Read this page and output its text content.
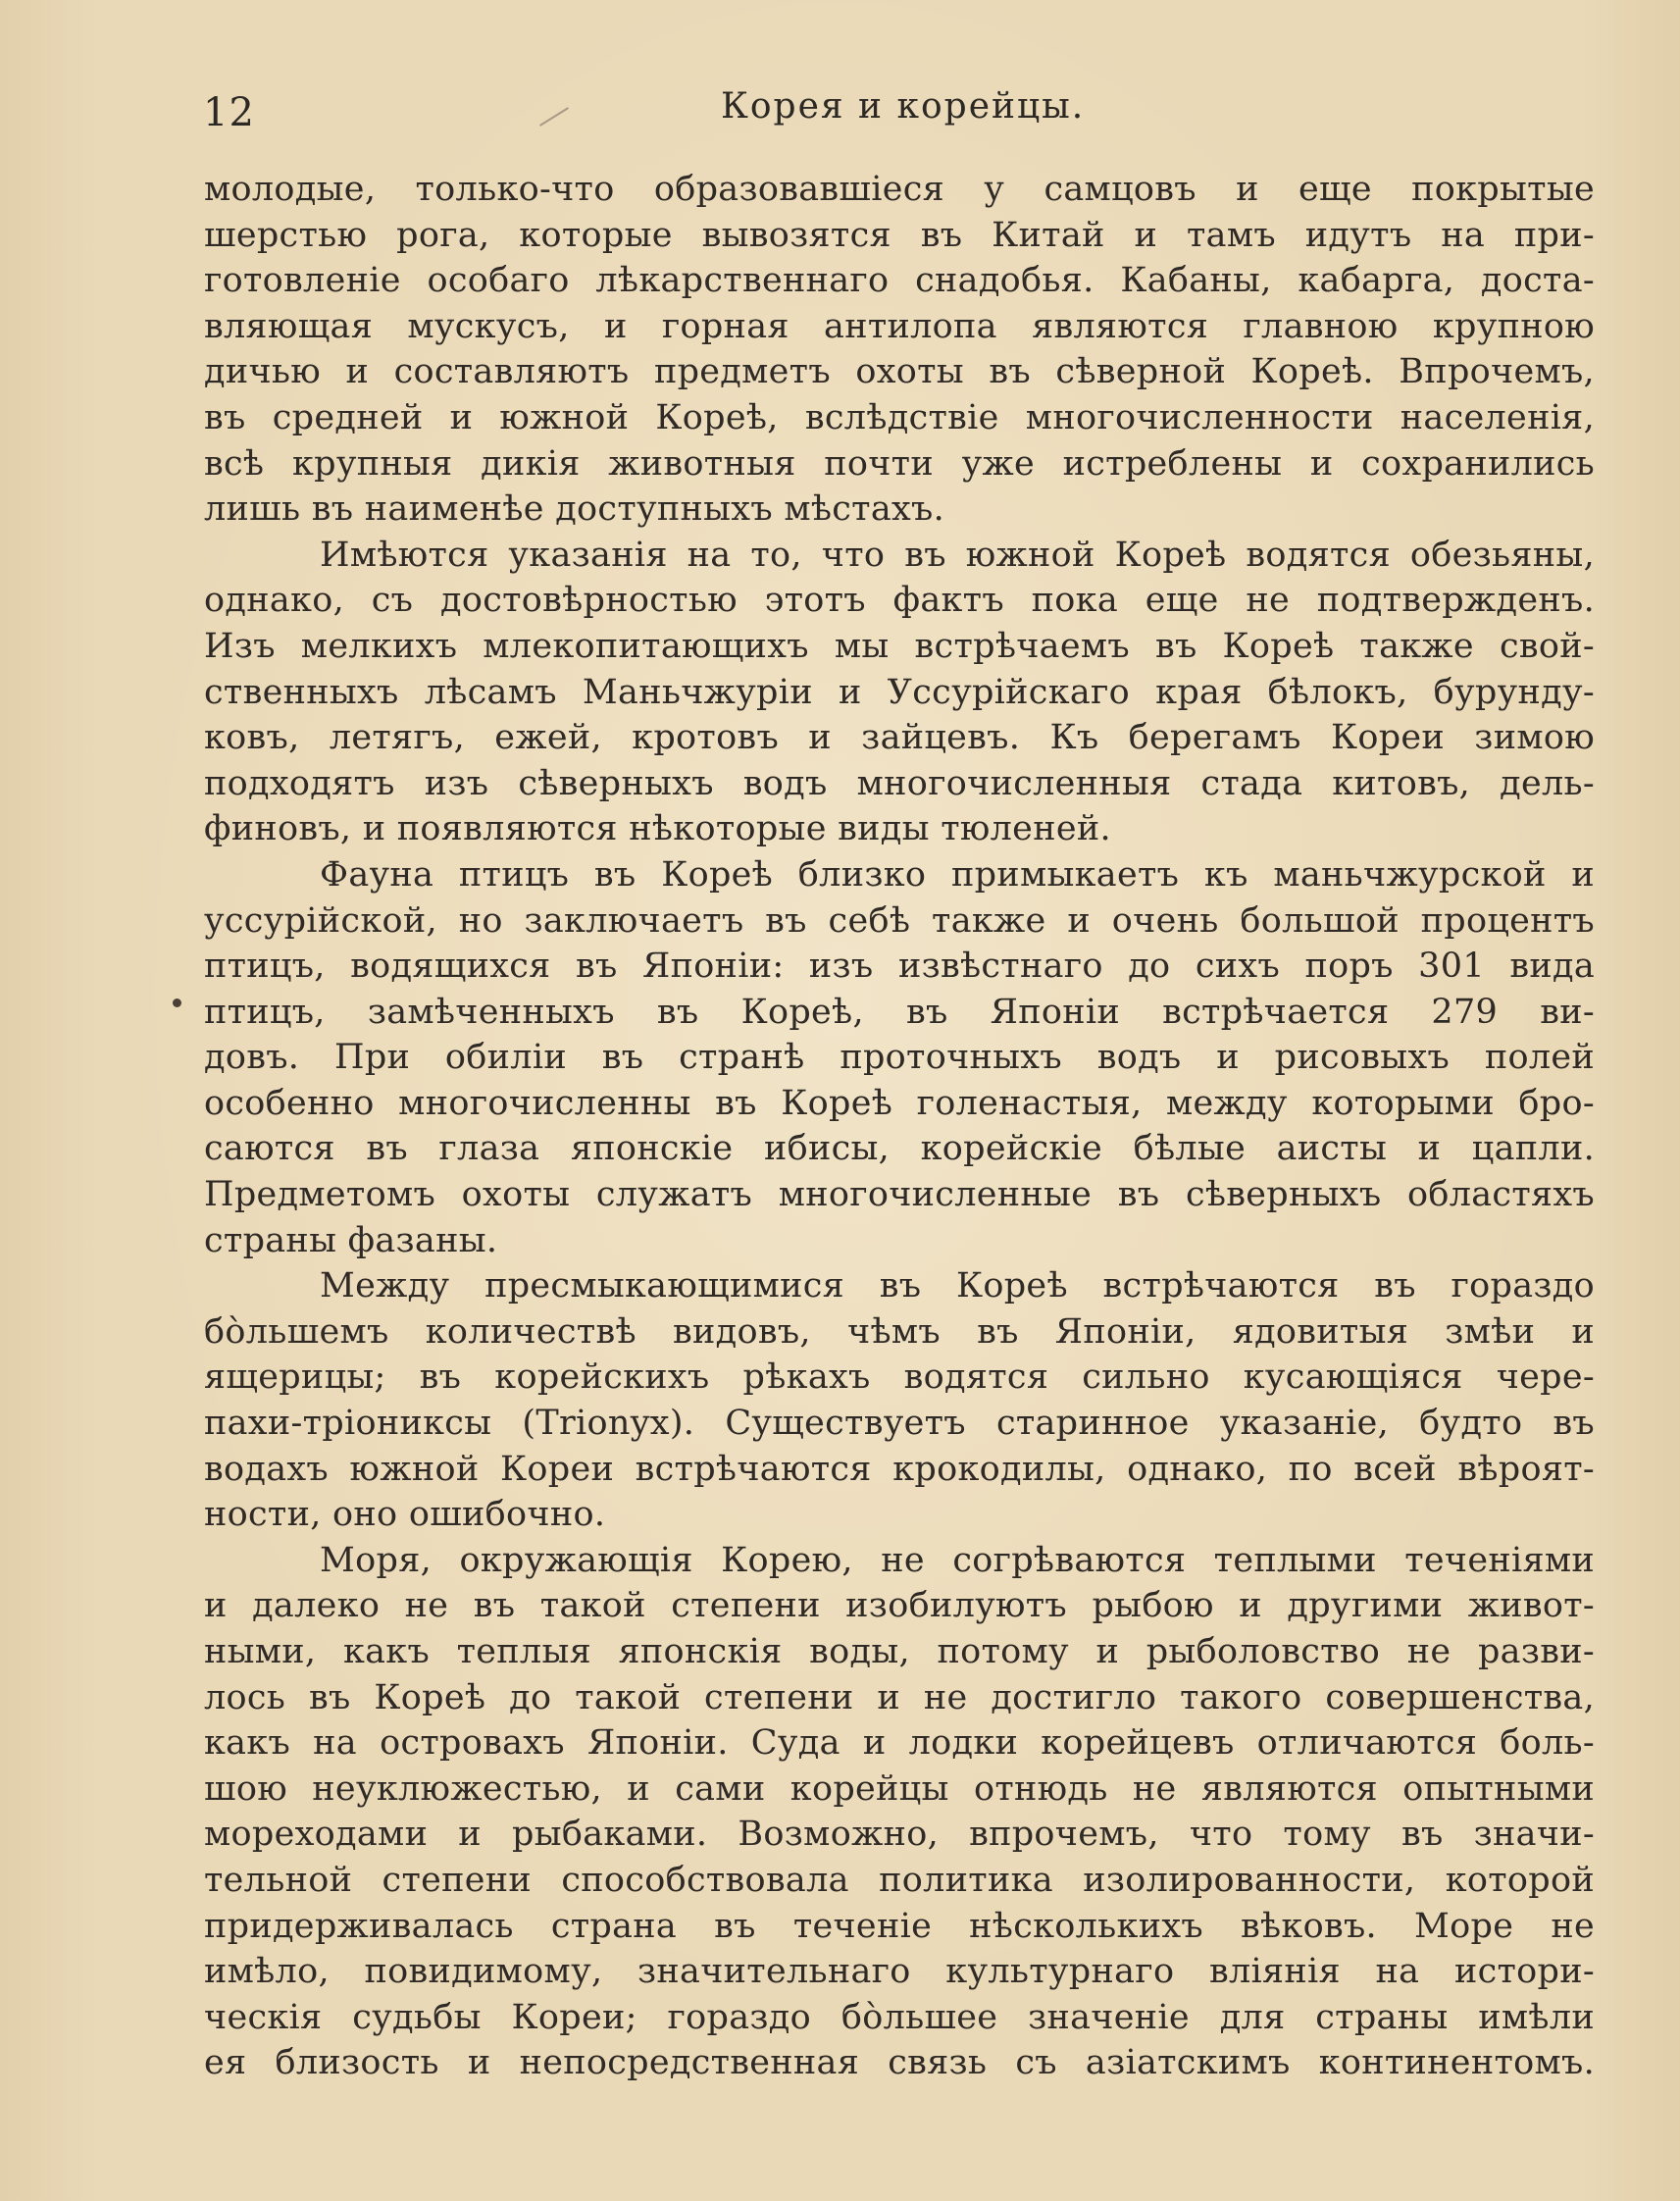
12	Корея и корейцы.
молодые, только-что образовавшіеся у самцовъ и еще покрытые
шерстью рога, которые вывозятся въ Китай и тамъ идутъ на при-
готовленіе особаго лѣкарственнаго снадобья. Кабаны, кабарга, доста-
вляющая мускусъ, и горная антилопа являются главною крупною
дичью и составляютъ предметъ охоты въ сѣверной Кореѣ. Впрочемъ,
въ средней и южной Кореѣ, вслѣдствіе многочисленности населенія,
всѣ крупныя дикія животныя почти уже истреблены и сохранились
лишь въ наименѣе доступныхъ мѣстахъ.
Имѣются указанія на то, что въ южной Кореѣ водятся обезьяны,
однако, съ достовѣрностью этотъ фактъ пока еще не подтвержденъ.
Изъ мелкихъ млекопитающихъ мы встрѣчаемъ въ Кореѣ также свой-
ственныхъ лѣсамъ Маньчжуріи и Уссурійскаго края бѣлокъ, бурунду-
ковъ, летягъ, ежей, кротовъ и зайцевъ. Къ берегамъ Кореи зимою
подходятъ изъ сѣверныхъ водъ многочисленныя стада китовъ, дель-
финовъ, и появляются нѣкоторые виды тюленей.
Фауна птицъ въ Кореѣ близко примыкаетъ къ маньчжурской и
уссурійской, но заключаетъ въ себѣ также и очень большой процентъ
птицъ, водящихся въ Японіи: изъ извѣстнаго до сихъ поръ 301 вида
птицъ, замѣченныхъ въ Кореѣ, въ Японіи встрѣчается 279 ви-
довъ. При обиліи въ странѣ проточныхъ водъ и рисовыхъ полей
особенно многочисленны въ Кореѣ голенастыя, между которыми бро-
саются въ глаза японскіе ибисы, корейскіе бѣлые аисты и цапли.
Предметомъ охоты служатъ многочисленные въ сѣверныхъ областяхъ
страны фазаны.
Между пресмыкающимися въ Кореѣ встрѣчаются въ гораздо
бо̀льшемъ количествѣ видовъ, чѣмъ въ Японіи, ядовитыя змѣи и
ящерицы; въ корейскихъ рѣкахъ водятся сильно кусающіяся чере-
пахи-тріониксы (Trionyx). Существуетъ старинное указаніе, будто въ
водахъ южной Кореи встрѣчаются крокодилы, однако, по всей вѣроят-
ности, оно ошибочно.
Моря, окружающія Корею, не согрѣваются теплыми теченіями
и далеко не въ такой степени изобилуютъ рыбою и другими живот-
ными, какъ теплыя японскія воды, потому и рыболовство не разви-
лось въ Кореѣ до такой степени и не достигло такого совершенства,
какъ на островахъ Японіи. Суда и лодки корейцевъ отличаются боль-
шою неуклюжестью, и сами корейцы отнюдь не являются опытными
мореходами и рыбаками. Возможно, впрочемъ, что тому въ значи-
тельной степени способствовала политика изолированности, которой
придерживалась страна въ теченіе нѣсколькихъ вѣковъ. Море не
имѣло, повидимому, значительнаго культурнаго вліянія на истори-
ческія судьбы Кореи; гораздо бо̀льшее значеніе для страны имѣли
ея близость и непосредственная связь съ азіатскимъ континентомъ.
